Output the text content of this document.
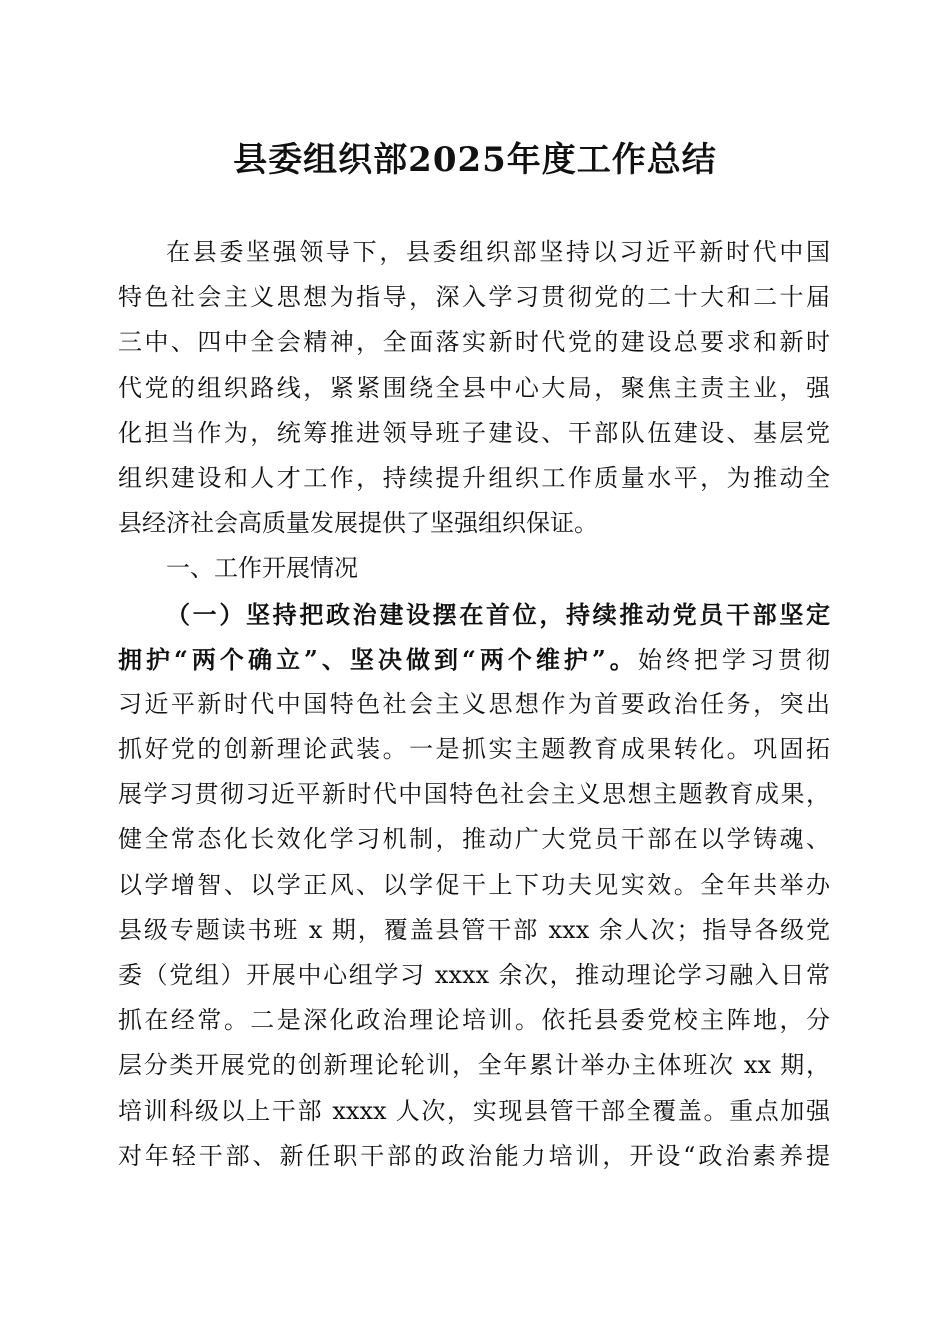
县委组织部2025年度工作总结
在县委坚强领导下，县委组织部坚持以习近平新时代中国
特色社会主义思想为指导，深入学习贯彻党的二十大和二十届
三中、四中全会精神，全面落实新时代党的建设总要求和新时
代党的组织路线，紧紧围绕全县中心大局，聚焦主责主业，强
化担当作为，统筹推进领导班子建设、干部队伍建设、基层党
组织建设和人才工作，持续提升组织工作质量水平，为推动全
县经济社会高质量发展提供了坚强组织保证。
一、工作开展情况
（一）坚持把政治建设摆在首位，持续推动党员干部坚定
拥护“两个确立”、坚决做到“两个维护”。始终把学习贯彻
习近平新时代中国特色社会主义思想作为首要政治任务，突出
抓好党的创新理论武装。一是抓实主题教育成果转化。巩固拓
展学习贯彻习近平新时代中国特色社会主义思想主题教育成果，
健全常态化长效化学习机制，推动广大党员干部在以学铸魂、
以学增智、以学正风、以学促干上下功夫见实效。全年共举办
县级专题读书班 x 期，覆盖县管干部 xxx 余人次；指导各级党
委（党组）开展中心组学习 xxxx 余次，推动理论学习融入日常
抓在经常。二是深化政治理论培训。依托县委党校主阵地，分
层分类开展党的创新理论轮训，全年累计举办主体班次 xx 期，
培训科级以上干部 xxxx 人次，实现县管干部全覆盖。重点加强
对年轻干部、新任职干部的政治能力培训，开设“政治素养提
